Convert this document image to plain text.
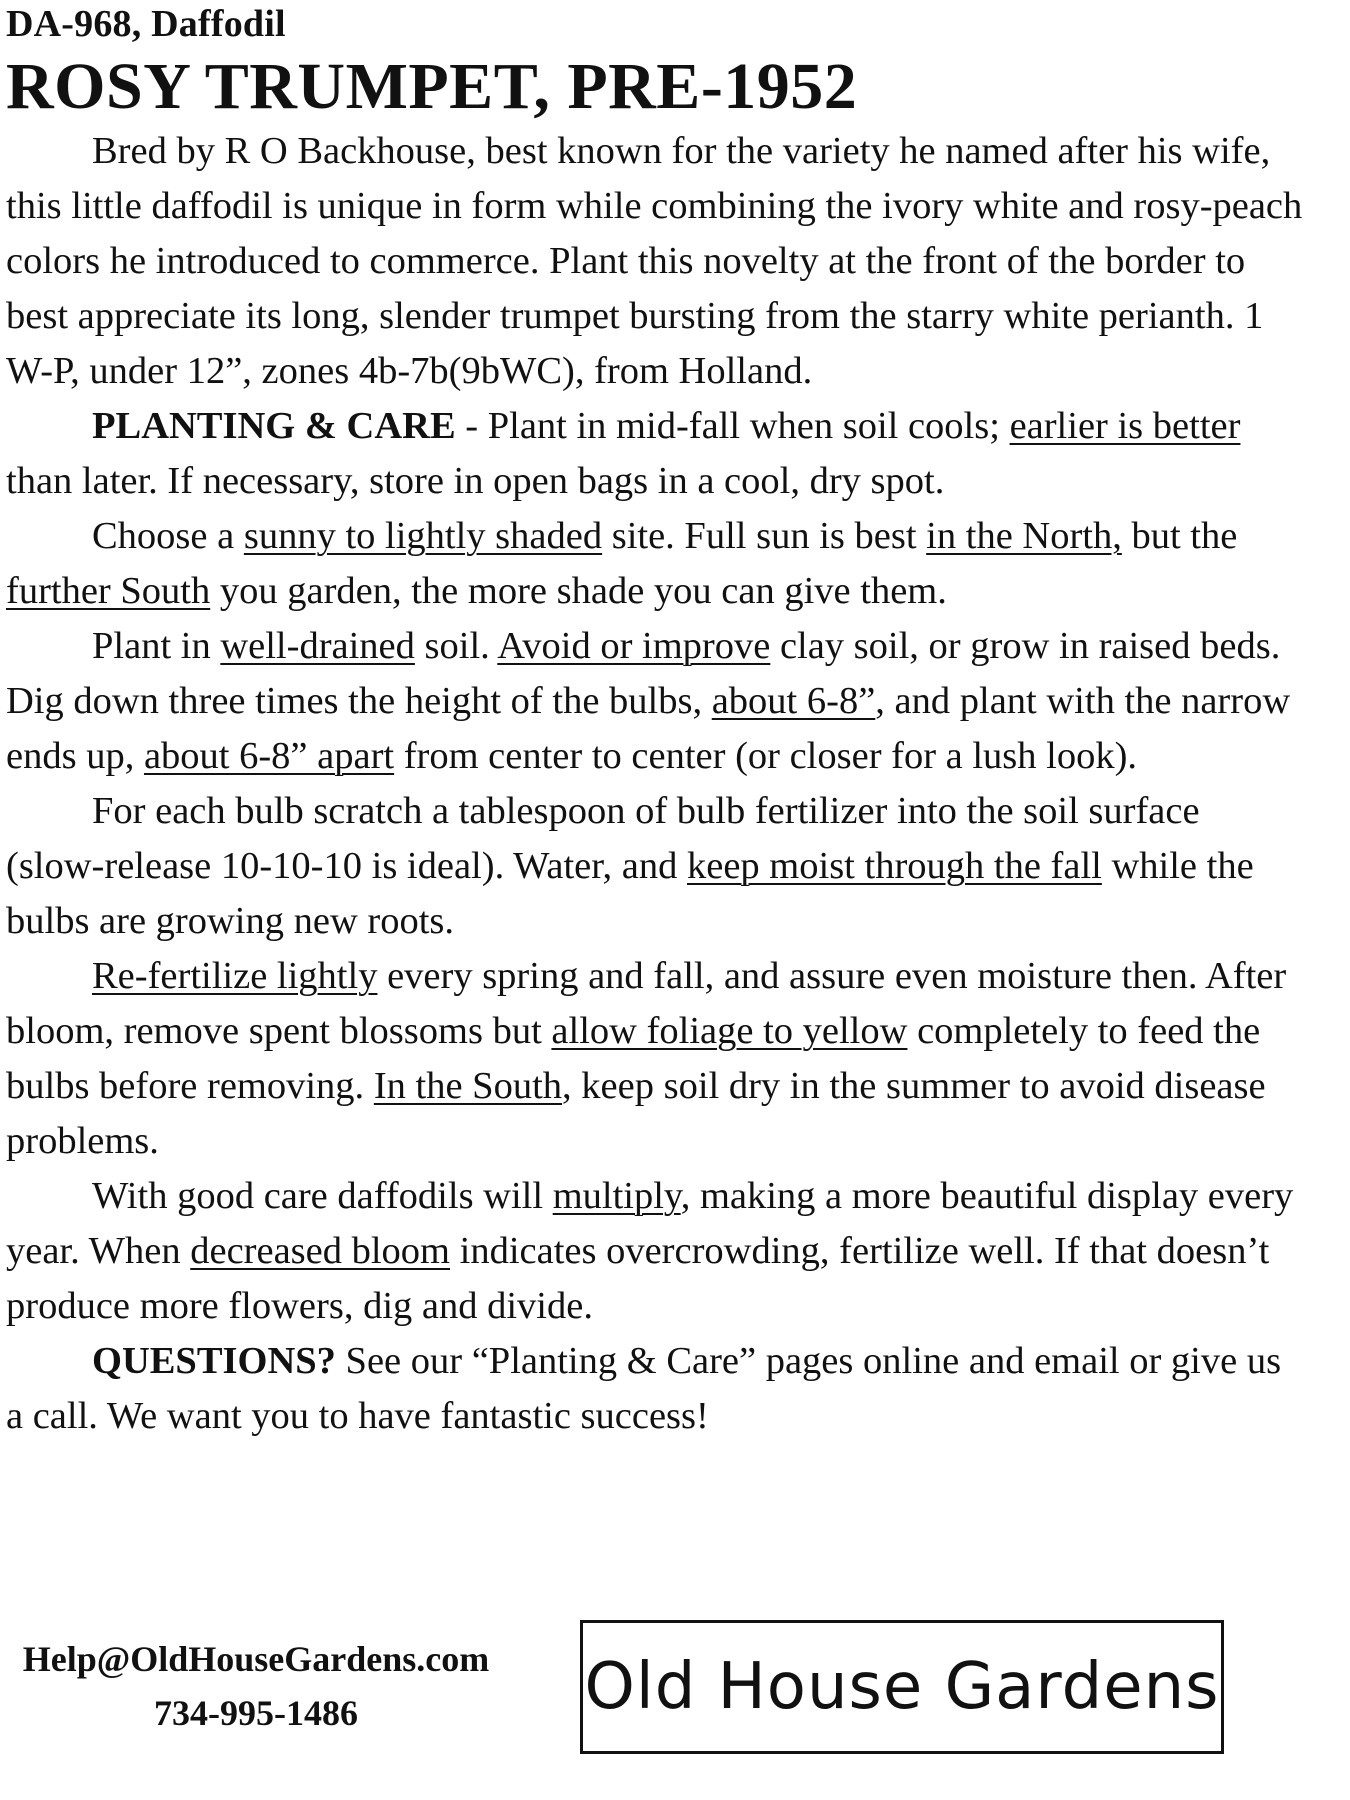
DA-968, Daffodil

ROSY TRUMPET, PRE-1952

Bred by R O Backhouse, best known for the variety he named after his wife, this little daffodil is unique in form while combining the ivory white and rosy-peach colors he introduced to commerce. Plant this novelty at the front of the border to best appreciate its long, slender trumpet bursting from the starry white perianth. 1 W-P, under 12”, zones 4b-7b(9bWC), from Holland.

PLANTING & CARE - Plant in mid-fall when soil cools; earlier is better than later. If necessary, store in open bags in a cool, dry spot.

Choose a sunny to lightly shaded site. Full sun is best in the North, but the further South you garden, the more shade you can give them.

Plant in well-drained soil. Avoid or improve clay soil, or grow in raised beds. Dig down three times the height of the bulbs, about 6-8”, and plant with the narrow ends up, about 6-8” apart from center to center (or closer for a lush look).

For each bulb scratch a tablespoon of bulb fertilizer into the soil surface (slow-release 10-10-10 is ideal). Water, and keep moist through the fall while the bulbs are growing new roots.

Re-fertilize lightly every spring and fall, and assure even moisture then. After bloom, remove spent blossoms but allow foliage to yellow completely to feed the bulbs before removing. In the South, keep soil dry in the summer to avoid disease problems.

With good care daffodils will multiply, making a more beautiful display every year. When decreased bloom indicates overcrowding, fertilize well. If that doesn’t produce more flowers, dig and divide.

QUESTIONS? See our “Planting & Care” pages online and email or give us a call. We want you to have fantastic success!

Help@OldHouseGardens.com
734-995-1486	Old House Gardens
